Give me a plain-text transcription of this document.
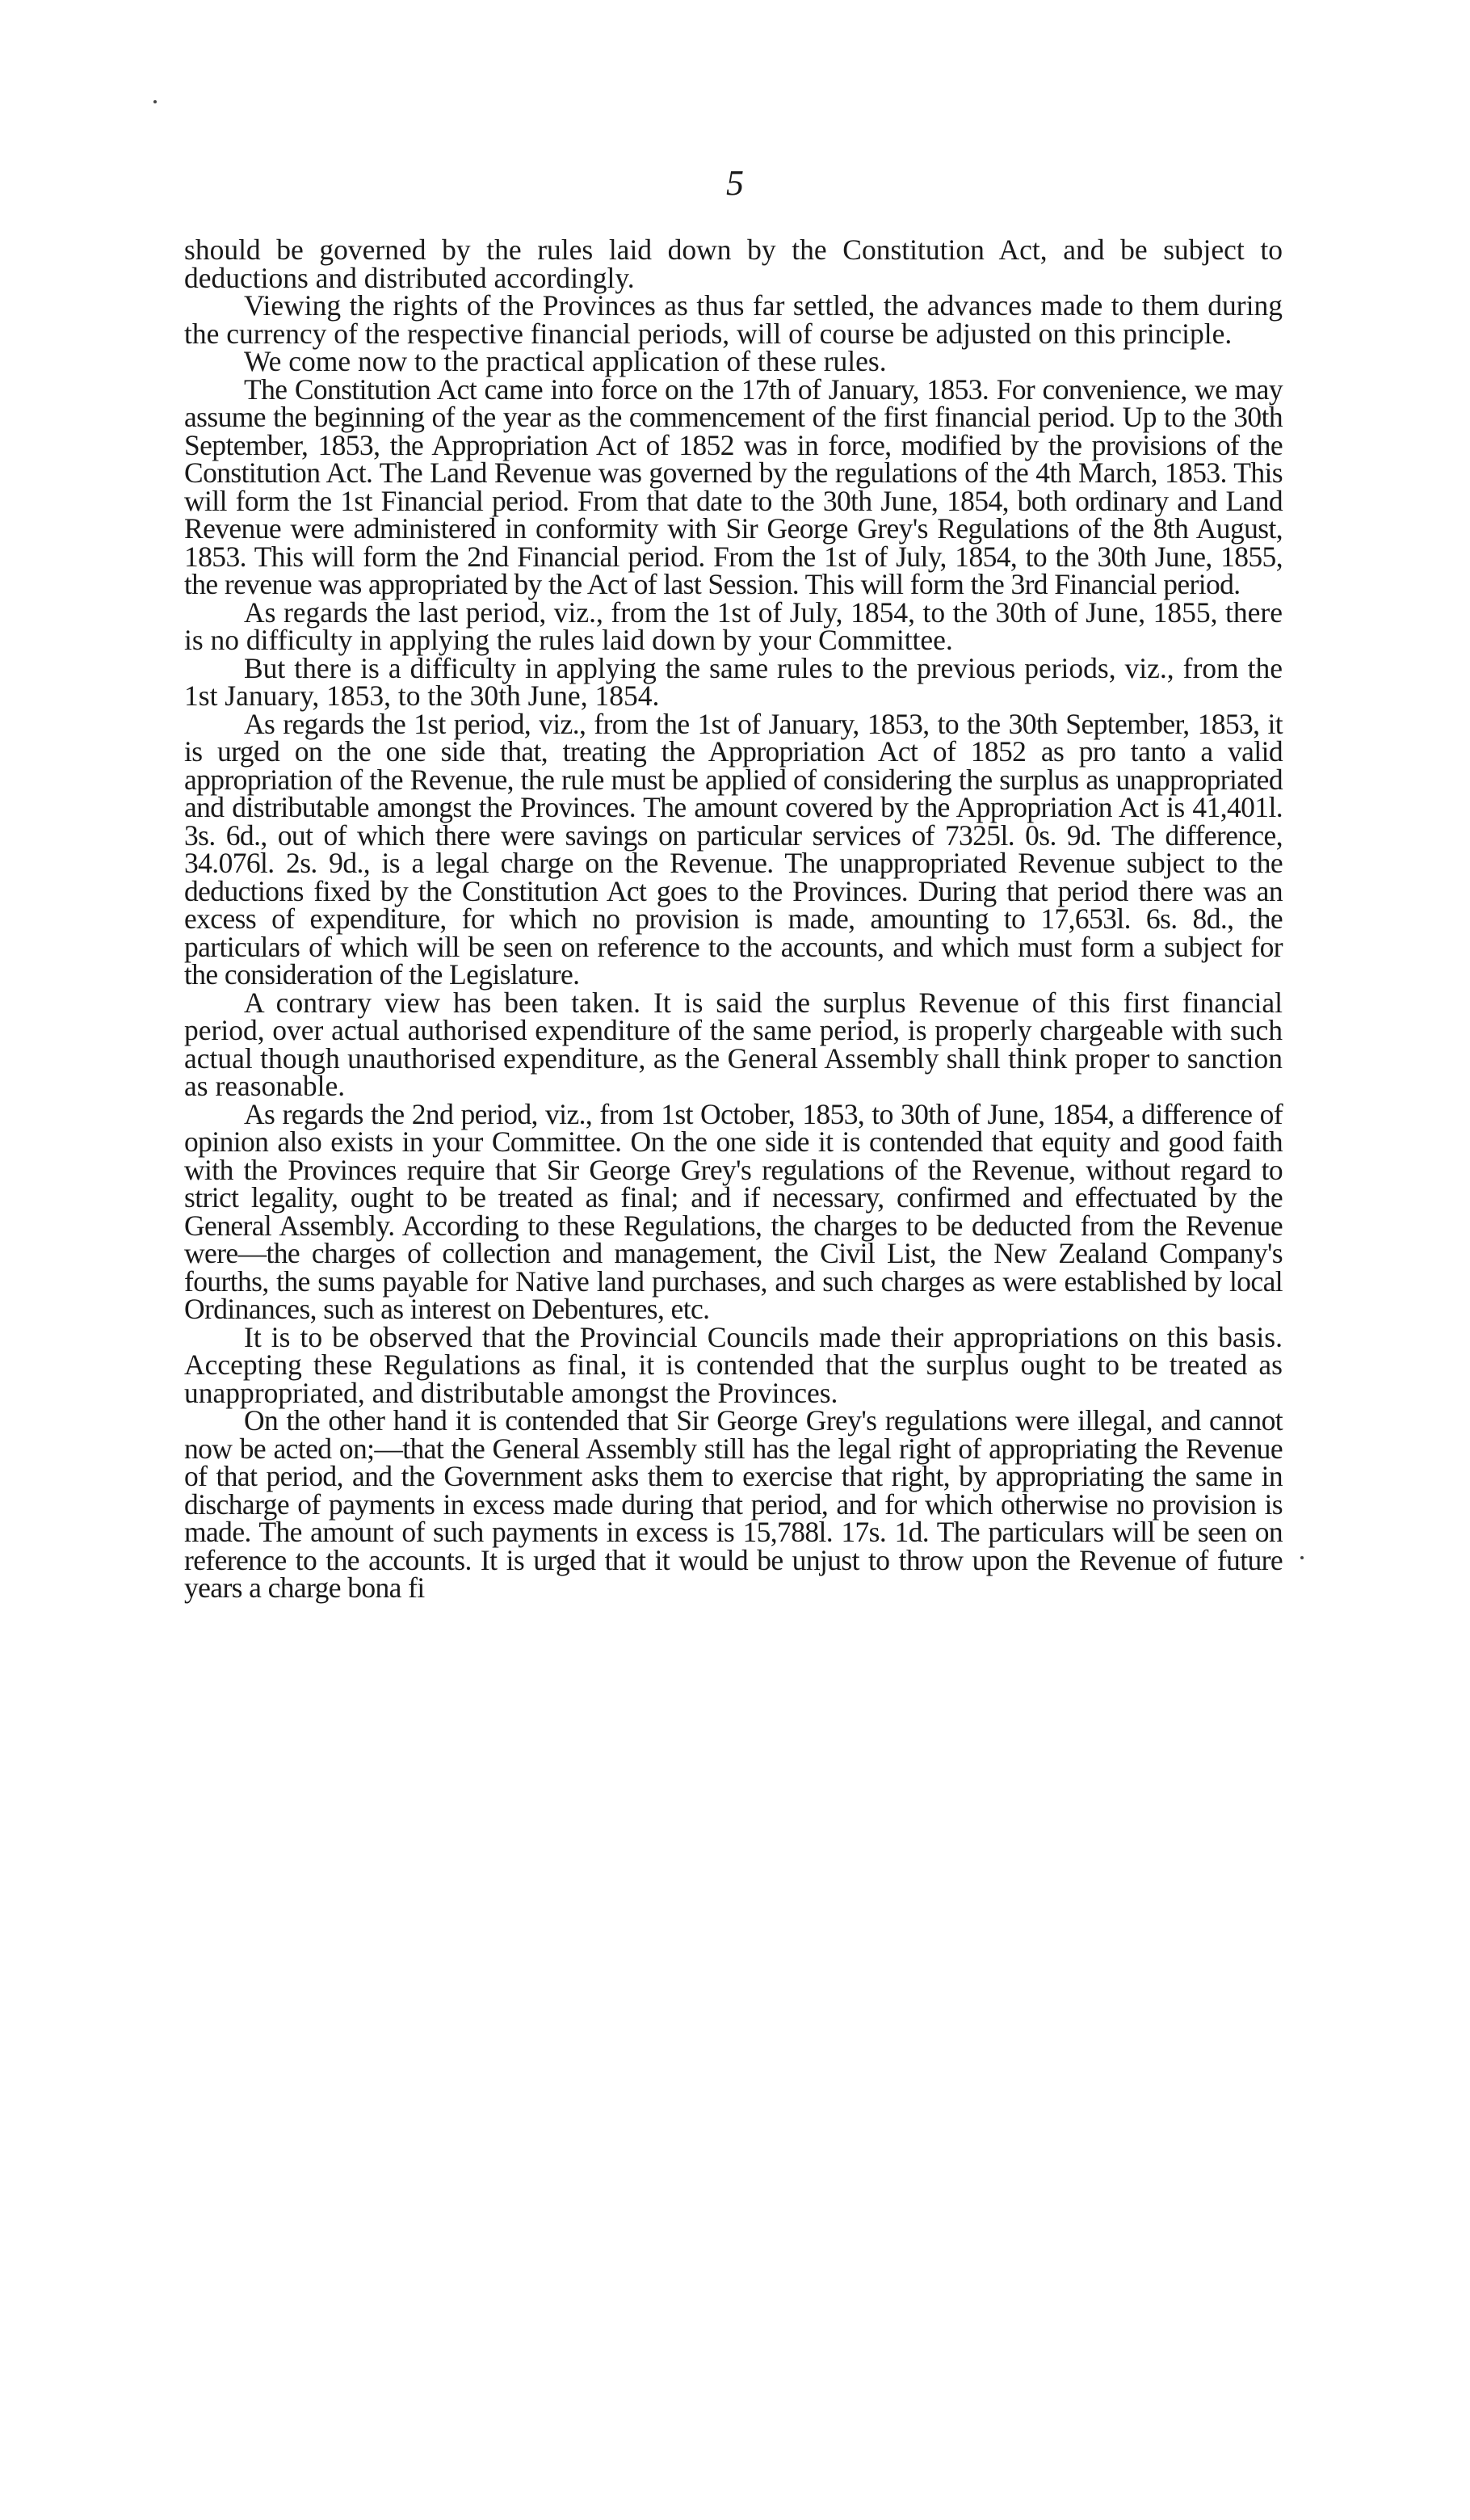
5

should be governed by the rules laid down by the Constitution Act, and be subject to deductions and distributed accordingly.

Viewing the rights of the Provinces as thus far settled, the advances made to them during the currency of the respective financial periods, will of course be adjusted on this principle.

We come now to the practical application of these rules.

The Constitution Act came into force on the 17th of January, 1853. For convenience, we may assume the beginning of the year as the commencement of the first financial period. Up to the 30th September, 1853, the Appropriation Act of 1852 was in force, modified by the provisions of the Constitution Act. The Land Revenue was governed by the regulations of the 4th March, 1853. This will form the 1st Financial period. From that date to the 30th June, 1854, both ordinary and Land Revenue were administered in conformity with Sir George Grey's Regulations of the 8th August, 1853. This will form the 2nd Financial period. From the 1st of July, 1854, to the 30th June, 1855, the revenue was appropriated by the Act of last Session. This will form the 3rd Financial period.

As regards the last period, viz., from the 1st of July, 1854, to the 30th of June, 1855, there is no difficulty in applying the rules laid down by your Committee.

But there is a difficulty in applying the same rules to the previous periods, viz., from the 1st January, 1853, to the 30th June, 1854.

As regards the 1st period, viz., from the 1st of January, 1853, to the 30th September, 1853, it is urged on the one side that, treating the Appropriation Act of 1852 as pro tanto a valid appropriation of the Revenue, the rule must be applied of considering the surplus as unappropriated and distributable amongst the Provinces. The amount covered by the Appropriation Act is 41,401l. 3s. 6d., out of which there were savings on particular services of 7325l. 0s. 9d. The difference, 34.076l. 2s. 9d., is a legal charge on the Revenue. The unappropriated Revenue subject to the deductions fixed by the Constitution Act goes to the Provinces. During that period there was an excess of expenditure, for which no provision is made, amounting to 17,653l. 6s. 8d., the particulars of which will be seen on reference to the accounts, and which must form a subject for the consideration of the Legislature.

A contrary view has been taken. It is said the surplus Revenue of this first financial period, over actual authorised expenditure of the same period, is properly chargeable with such actual though unauthorised expenditure, as the General Assembly shall think proper to sanction as reasonable.

As regards the 2nd period, viz., from 1st October, 1853, to 30th of June, 1854, a difference of opinion also exists in your Committee. On the one side it is contended that equity and good faith with the Provinces require that Sir George Grey's regulations of the Revenue, without regard to strict legality, ought to be treated as final; and if necessary, confirmed and effectuated by the General Assembly. According to these Regulations, the charges to be deducted from the Revenue were—the charges of collection and management, the Civil List, the New Zealand Company's fourths, the sums payable for Native land purchases, and such charges as were established by local Ordinances, such as interest on Debentures, etc.

It is to be observed that the Provincial Councils made their appropriations on this basis. Accepting these Regulations as final, it is contended that the surplus ought to be treated as unappropriated, and distributable amongst the Provinces.

On the other hand it is contended that Sir George Grey's regulations were illegal, and cannot now be acted on;—that the General Assembly still has the legal right of appropriating the Revenue of that period, and the Government asks them to exercise that right, by appropriating the same in discharge of payments in excess made during that period, and for which otherwise no provision is made. The amount of such payments in excess is 15,788l. 17s. 1d. The particulars will be seen on reference to the accounts. It is urged that it would be unjust to throw upon the Revenue of future years a charge bona fi
